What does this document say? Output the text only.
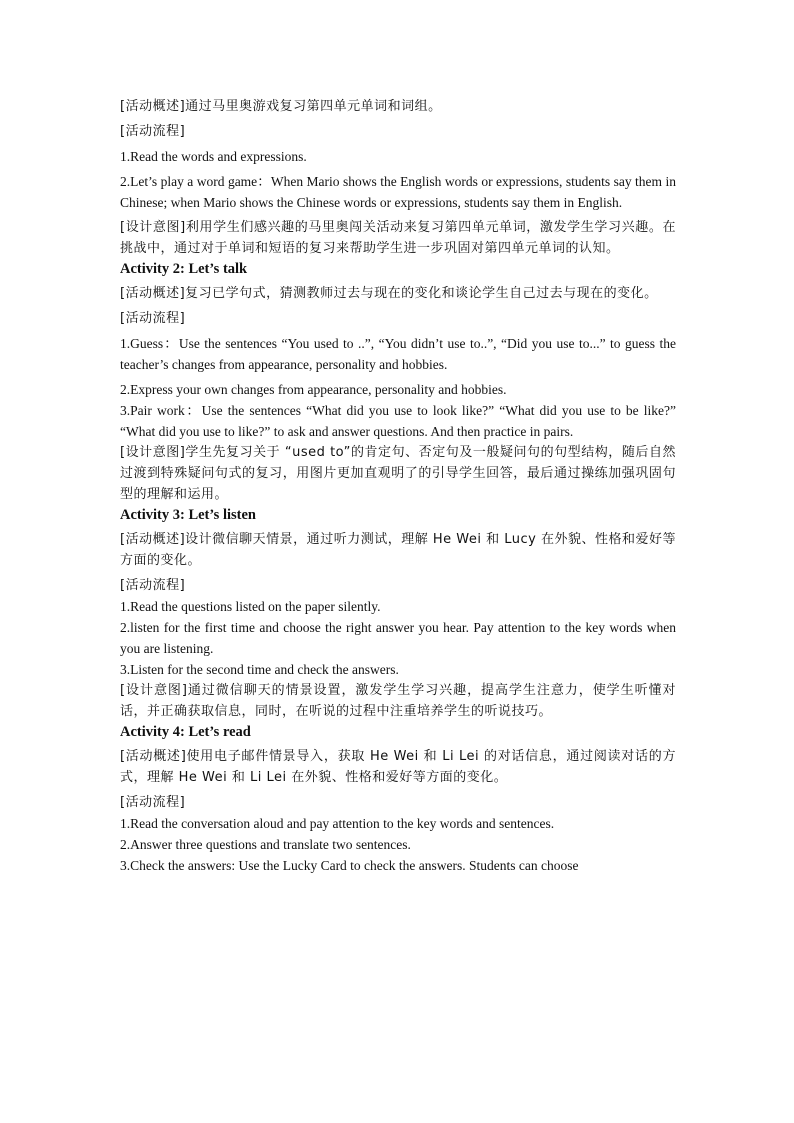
[活动概述]通过马里奥游戏复习第四单元单词和词组。

[活动流程]

1.Read the words and expressions.

2.Let’s play a word game：When Mario shows the English words or expressions, students say them in Chinese; when Mario shows the Chinese words or expressions, students say them in English.

[设计意图]利用学生们感兴趣的马里奥闯关活动来复习第四单元单词，激发学生学习兴趣。在挑战中，通过对于单词和短语的复习来帮助学生进一步巩固对第四单元单词的认知。

Activity 2: Let’s talk

[活动概述]复习已学句式，猜测教师过去与现在的变化和谈论学生自己过去与现在的变化。

[活动流程]

1.Guess：Use the sentences “You used to ..”, “You didn’t use to..”, “Did you use to...” to guess the teacher’s changes from appearance, personality and hobbies.

2.Express your own changes from appearance, personality and hobbies.

3.Pair work：Use the sentences “What did you use to look like?” “What did you use to be like?” “What did you use to like?” to ask and answer questions. And then practice in pairs.

[设计意图]学生先复习关于 “used to”的肯定句、否定句及一般疑问句的句型结构，随后自然过渡到特殊疑问句式的复习，用图片更加直观明了的引导学生回答，最后通过操练加强巩固句型的理解和运用。

Activity 3: Let’s listen

[活动概述]设计微信聊天情景，通过听力测试，理解 He Wei 和 Lucy 在外貌、性格和爱好等方面的变化。

[活动流程]

1.Read the questions listed on the paper silently.

2.listen for the first time and choose the right answer you hear. Pay attention to the key words when you are listening.

3.Listen for the second time and check the answers.

[设计意图]通过微信聊天的情景设置，激发学生学习兴趣，提高学生注意力，使学生听懂对话，并正确获取信息，同时，在听说的过程中注重培养学生的听说技巧。

Activity 4: Let’s read

[活动概述]使用电子邮件情景导入，获取 He Wei 和 Li Lei 的对话信息，通过阅读对话的方式，理解 He Wei 和 Li Lei 在外貌、性格和爱好等方面的变化。

[活动流程]

1.Read the conversation aloud and pay attention to the key words and sentences.

2.Answer three questions and translate two sentences.

3.Check the answers: Use the Lucky Card to check the answers. Students can choose
